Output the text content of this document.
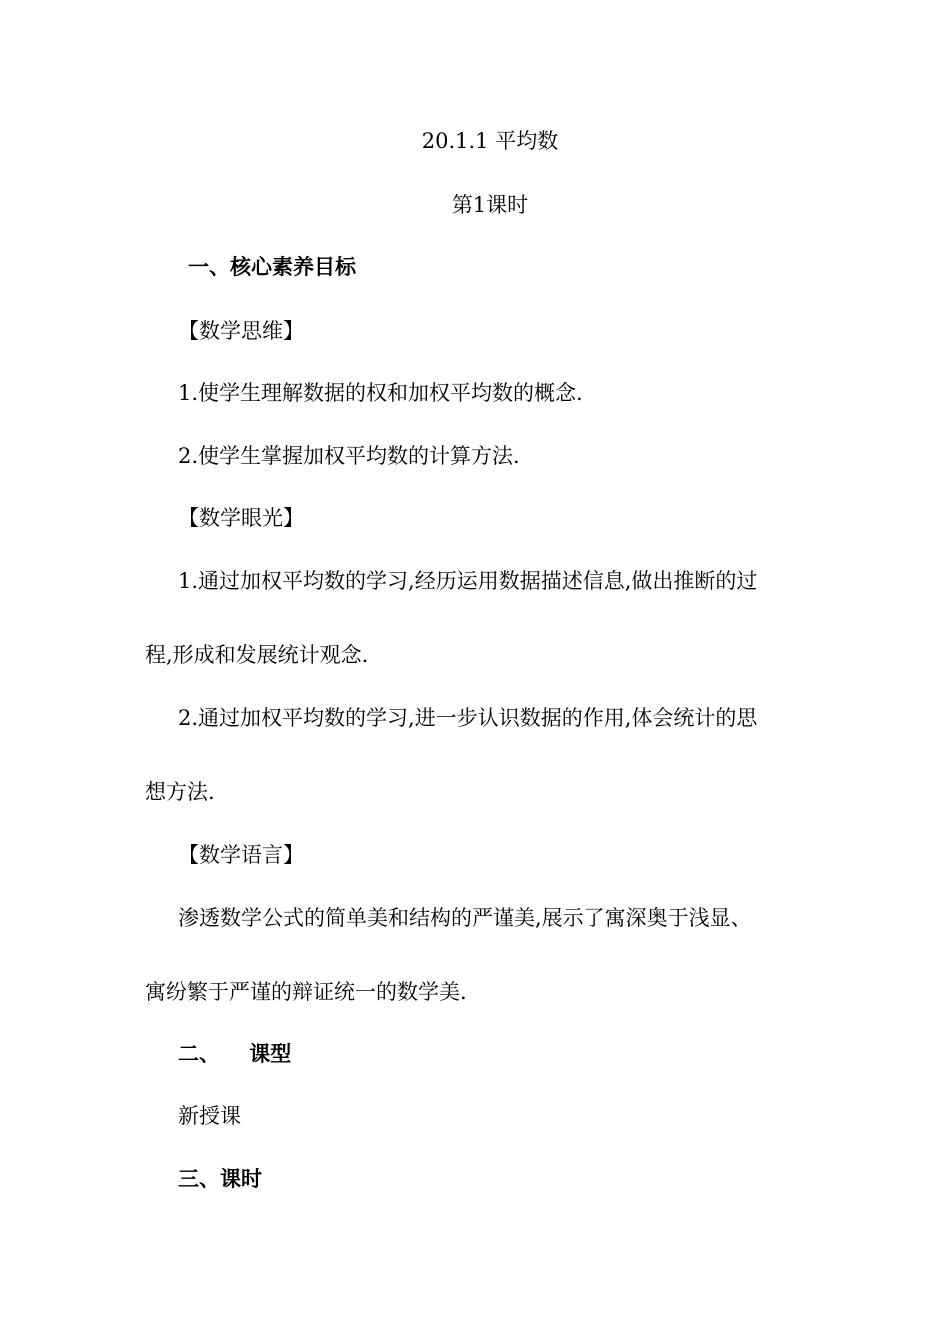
20.1.1 平均数
第1课时
一、核心素养目标
【数学思维】
1.使学生理解数据的权和加权平均数的概念.
2.使学生掌握加权平均数的计算方法.
【数学眼光】
1.通过加权平均数的学习,经历运用数据描述信息,做出推断的过
程,形成和发展统计观念.
2.通过加权平均数的学习,进一步认识数据的作用,体会统计的思
想方法.
【数学语言】
渗透数学公式的简单美和结构的严谨美,展示了寓深奥于浅显、
寓纷繁于严谨的辩证统一的数学美.
二、    课型
新授课
三、课时
